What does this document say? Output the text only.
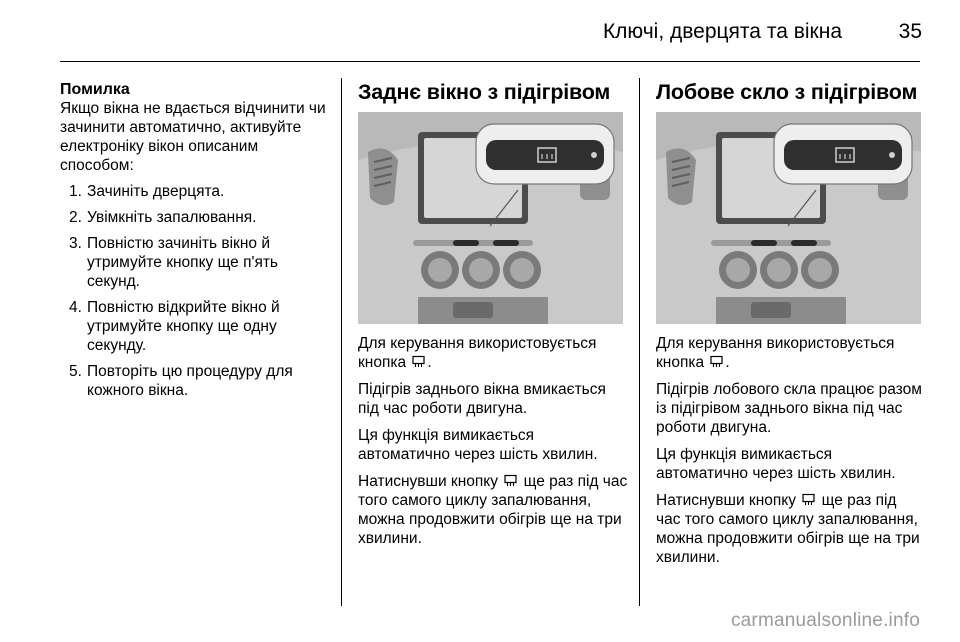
Ключі, дверцята та вікна	35
Помилка
Якщо вікна не вдається відчинити чи зачинити автоматично, активуйте електроніку вікон описаним способом:
1. Зачиніть дверцята.
2. Увімкніть запалювання.
3. Повністю зачиніть вікно й утримуйте кнопку ще п'ять секунд.
4. Повністю відкрийте вікно й утримуйте кнопку ще одну секунду.
5. Повторіть цю процедуру для кожного вікна.
Заднє вікно з підігрівом

Для керування використовується кнопка .

Підігрів заднього вікна вмикається під час роботи двигуна.

Ця функція вимикається автоматично через шість хвилин.

Натиснувши кнопку ще раз під час того самого циклу запалювання, можна продовжити обігрів ще на три хвилини.

Лобове скло з підігрівом

Для керування використовується кнопка .

Підігрів лобового скла працює разом із підігрівом заднього вікна під час роботи двигуна.

Ця функція вимикається автоматично через шість хвилин.

Натиснувши кнопку ще раз під час того самого циклу запалювання, можна продовжити обігрів ще на три хвилини.

carmanualsonline.info
